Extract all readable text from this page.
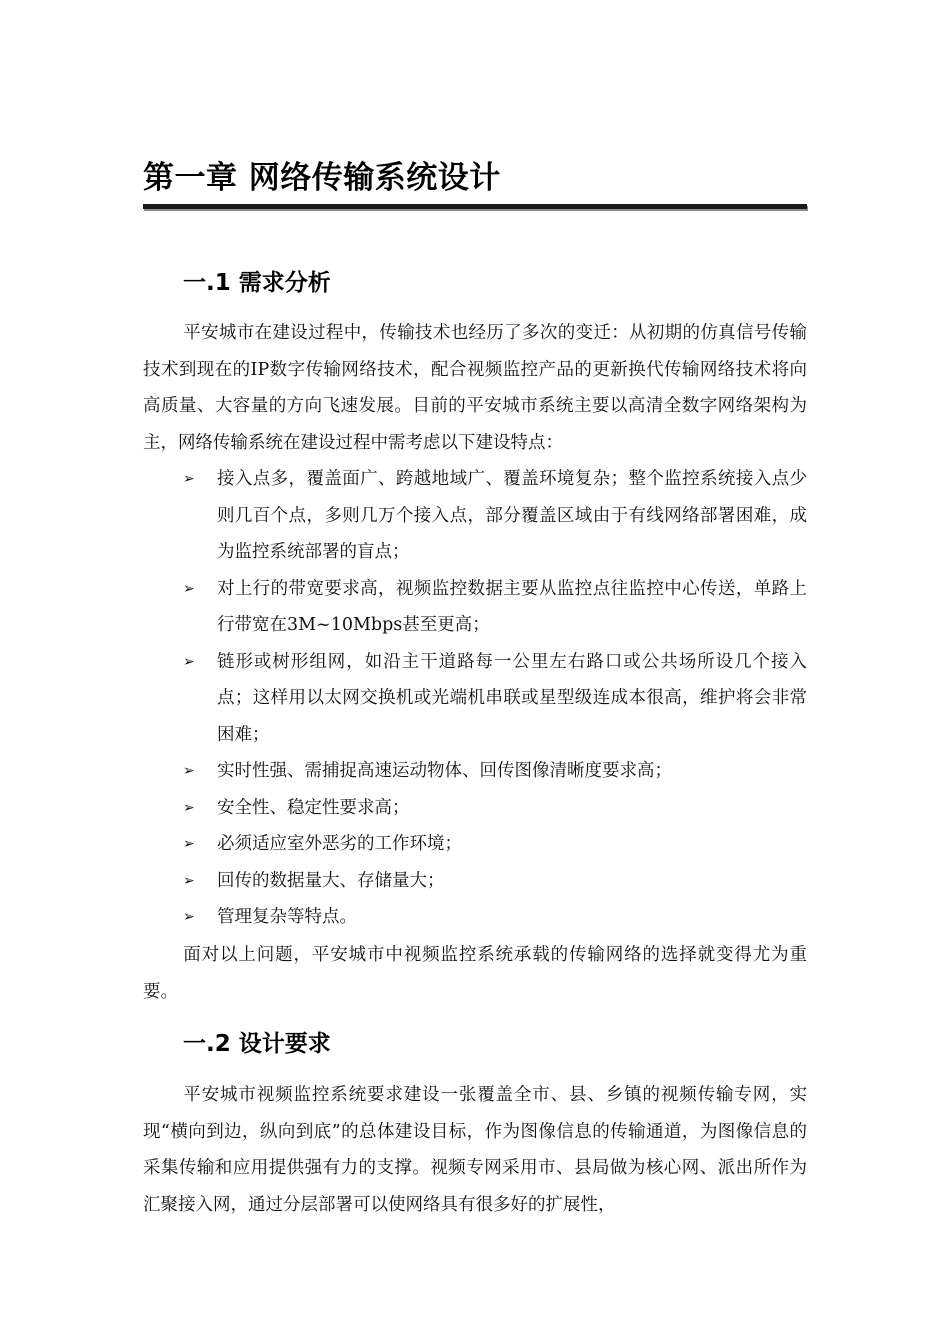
第一章 网络传输系统设计
一.1 需求分析

平安城市在建设过程中，传输技术也经历了多次的变迁：从初期的仿真信号传输技术到现在的IP数字传输网络技术，配合视频监控产品的更新换代传输网络技术将向高质量、大容量的方向飞速发展。目前的平安城市系统主要以高清全数字网络架构为主，网络传输系统在建设过程中需考虑以下建设特点：

➢ 接入点多，覆盖面广、跨越地域广、覆盖环境复杂；整个监控系统接入点少则几百个点，多则几万个接入点，部分覆盖区域由于有线网络部署困难，成为监控系统部署的盲点；
➢ 对上行的带宽要求高，视频监控数据主要从监控点往监控中心传送，单路上行带宽在3M~10Mbps甚至更高；
➢ 链形或树形组网，如沿主干道路每一公里左右路口或公共场所设几个接入点；这样用以太网交换机或光端机串联或星型级连成本很高，维护将会非常困难；
➢ 实时性强、需捕捉高速运动物体、回传图像清晰度要求高；
➢ 安全性、稳定性要求高；
➢ 必须适应室外恶劣的工作环境；
➢ 回传的数据量大、存储量大；
➢ 管理复杂等特点。

面对以上问题，平安城市中视频监控系统承载的传输网络的选择就变得尤为重要。

一.2 设计要求

平安城市视频监控系统要求建设一张覆盖全市、县、乡镇的视频传输专网，实现“横向到边，纵向到底”的总体建设目标，作为图像信息的传输通道，为图像信息的采集传输和应用提供强有力的支撑。视频专网采用市、县局做为核心网、派出所作为汇聚接入网，通过分层部署可以使网络具有很多好的扩展性，
